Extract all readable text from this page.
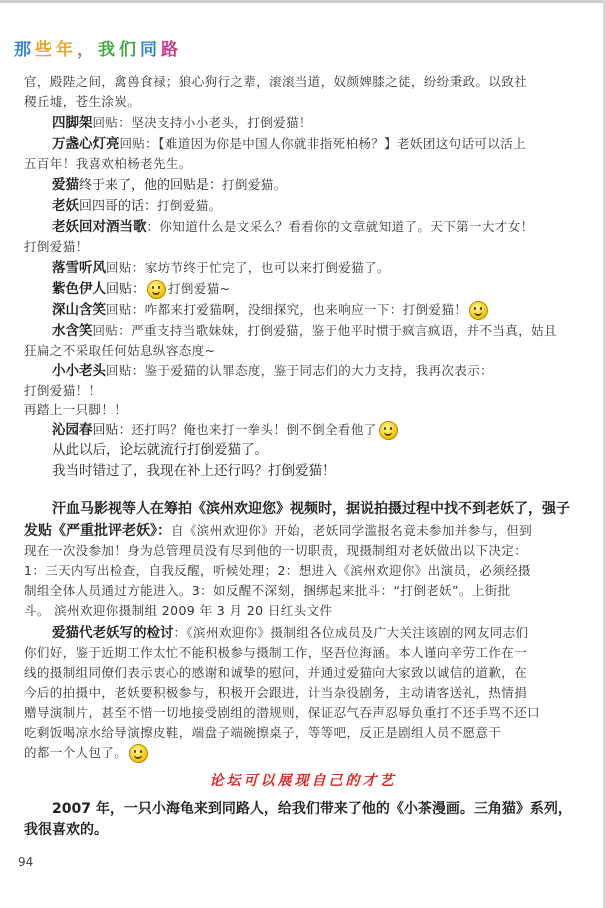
那 些 年 ， 我 们 同 路
官，殿陛之间，禽兽食禄；狼心狗行之辈，滚滚当道，奴颜婢膝之徒，纷纷秉政。以致社
稷丘墟，苍生涂炭。
四脚架回贴：坚决支持小小老头，打倒爱猫！
万盏心灯亮回贴：【难道因为你是中国人你就非指死柏杨？】老妖团这句话可以活上
五百年！我喜欢柏杨老先生。
爱猫终于来了，他的回贴是：打倒爱猫。
老妖回四哥的话：打倒爱猫。
老妖回对酒当歌：你知道什么是文采么？看看你的文章就知道了。天下第一大才女！
打倒爱猫！
落雪听风回贴：家坊节终于忙完了，也可以来打倒爱猫了。
紫色伊人回贴： 打倒爱猫~
深山含笑回贴：咋都来打爱猫啊，没细探究，也来响应一下：打倒爱猫！
水含笑回贴：严重支持当歌妹妹，打倒爱猫，鉴于他平时惯于疯言疯语，并不当真，姑且
狂扁之不采取任何姑息纵容态度~
小小老头回贴：鉴于爱猫的认罪态度，鉴于同志们的大力支持，我再次表示：
打倒爱猫！！
再踏上一只脚！！
沁园春回贴：还打吗？俺也来打一拳头！倒不倒全看他了
从此以后，论坛就流行打倒爱猫了。
我当时错过了，我现在补上还行吗？打倒爱猫！
汗血马影视等人在筹拍《滨州欢迎您》视频时，据说拍摄过程中找不到老妖了，强子
发贴《严重批评老妖》：自《滨州欢迎你》开始，老妖同学滥报名竟未参加并参与，但到
现在一次没参加！身为总管理员没有尽到他的一切职责，现摄制组对老妖做出以下决定：
1：三天内写出检查，自我反醒，听候处理；2：想进入《滨州欢迎你》出演员，必须经摄
制组全体人员通过方能进入。3：如反醒不深刻，捆绑起来批斗：“打倒老妖”。上街批
斗。 滨州欢迎你摄制组 2009 年 3 月 20 日红头文件
爱猫代老妖写的检讨：《滨州欢迎你》摄制组各位成员及广大关注该剧的网友同志们
你们好，鉴于近期工作太忙不能积极参与摄制工作，坚吾位海涵。本人谨向辛劳工作在一
线的摄制组同僚们表示衷心的感谢和诚挚的慰问，并通过爱猫向大家致以诚信的道歉，在
今后的拍摄中，老妖要积极参与，积极开会跟进，计当杂役剧务，主动请客送礼，热情捐
赠导演制片，甚至不惜一切地接受剧组的潜规则，保证忍气吞声忍辱负重打不还手骂不还口
吃剩饭喝凉水给导演擦皮鞋，端盘子端碗擦桌子，等等吧，反正是剧组人员不愿意干
的都一个人包了。
论坛可以展现自己的才艺
2007 年，一只小海龟来到同路人，给我们带来了他的《小茶漫画。三角猫》系列，
我很喜欢的。
94
